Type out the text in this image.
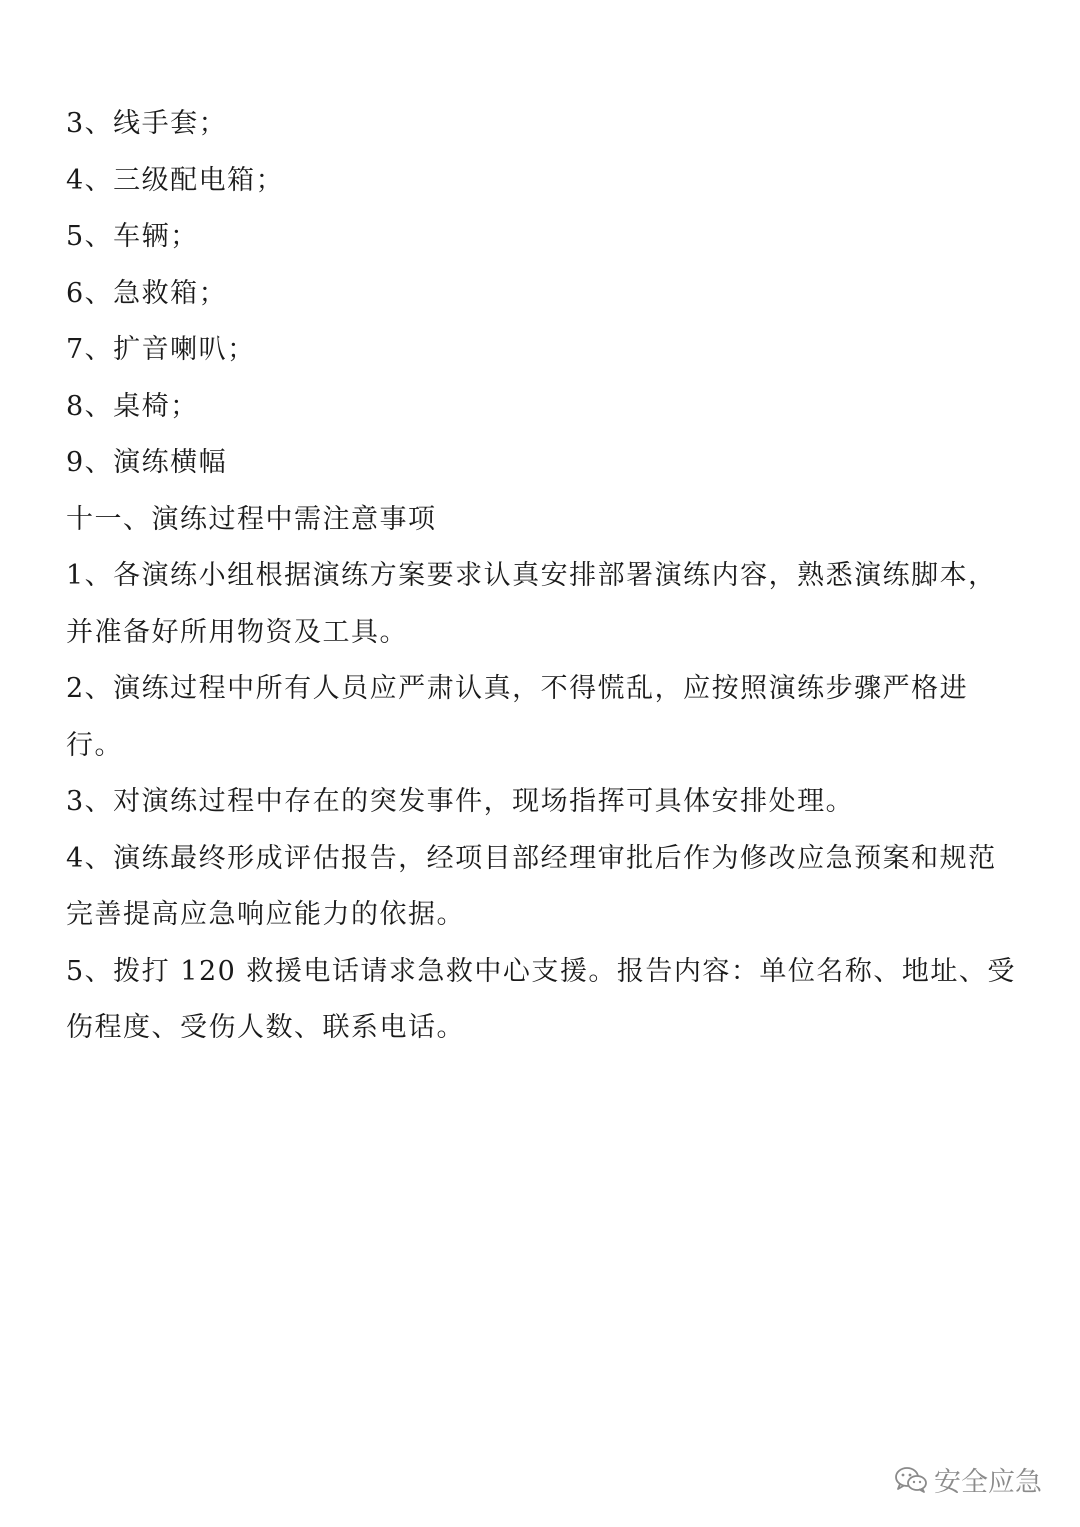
3、线手套；
4、三级配电箱；
5、车辆；
6、急救箱；
7、扩音喇叭；
8、桌椅；
9、演练横幅
十一、演练过程中需注意事项
1、各演练小组根据演练方案要求认真安排部署演练内容，熟悉演练脚本，
并准备好所用物资及工具。
2、演练过程中所有人员应严肃认真，不得慌乱，应按照演练步骤严格进
行。
3、对演练过程中存在的突发事件，现场指挥可具体安排处理。
4、演练最终形成评估报告，经项目部经理审批后作为修改应急预案和规范
完善提高应急响应能力的依据。
5、拨打 120 救援电话请求急救中心支援。报告内容：单位名称、地址、受
伤程度、受伤人数、联系电话。
安全应急
